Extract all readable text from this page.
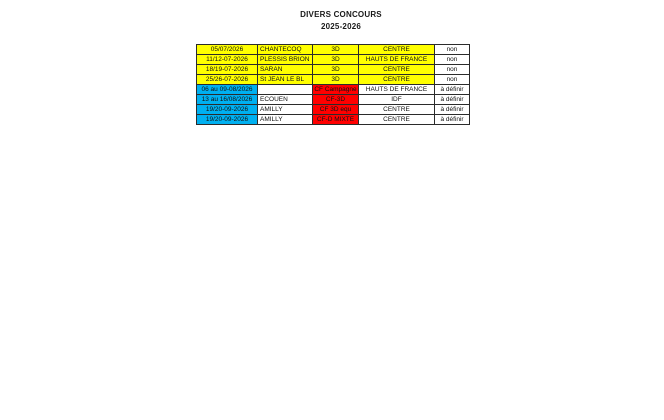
DIVERS CONCOURS
2025-2026
05/07/2026	CHANTECOQ	3D	CENTRE	non
11/12-07-2026	PLESSIS BRION	3D	HAUTS DE FRANCE	non
18/19-07-2026	SARAN	3D	CENTRE	non
25/26-07-2026	St JEAN LE BL	3D	CENTRE	non
06 au 09-08/2026		CF Campagne	HAUTS DE FRANCE	à définir
13 au 16/08/2026	ECOUEN	CF-3D	IDF	à définir
19/20-09-2026	AMILLY	CF 3D equ	CENTRE	à définir
19/20-09-2026	AMILLY	CF-D MIXTE	CENTRE	à définir
